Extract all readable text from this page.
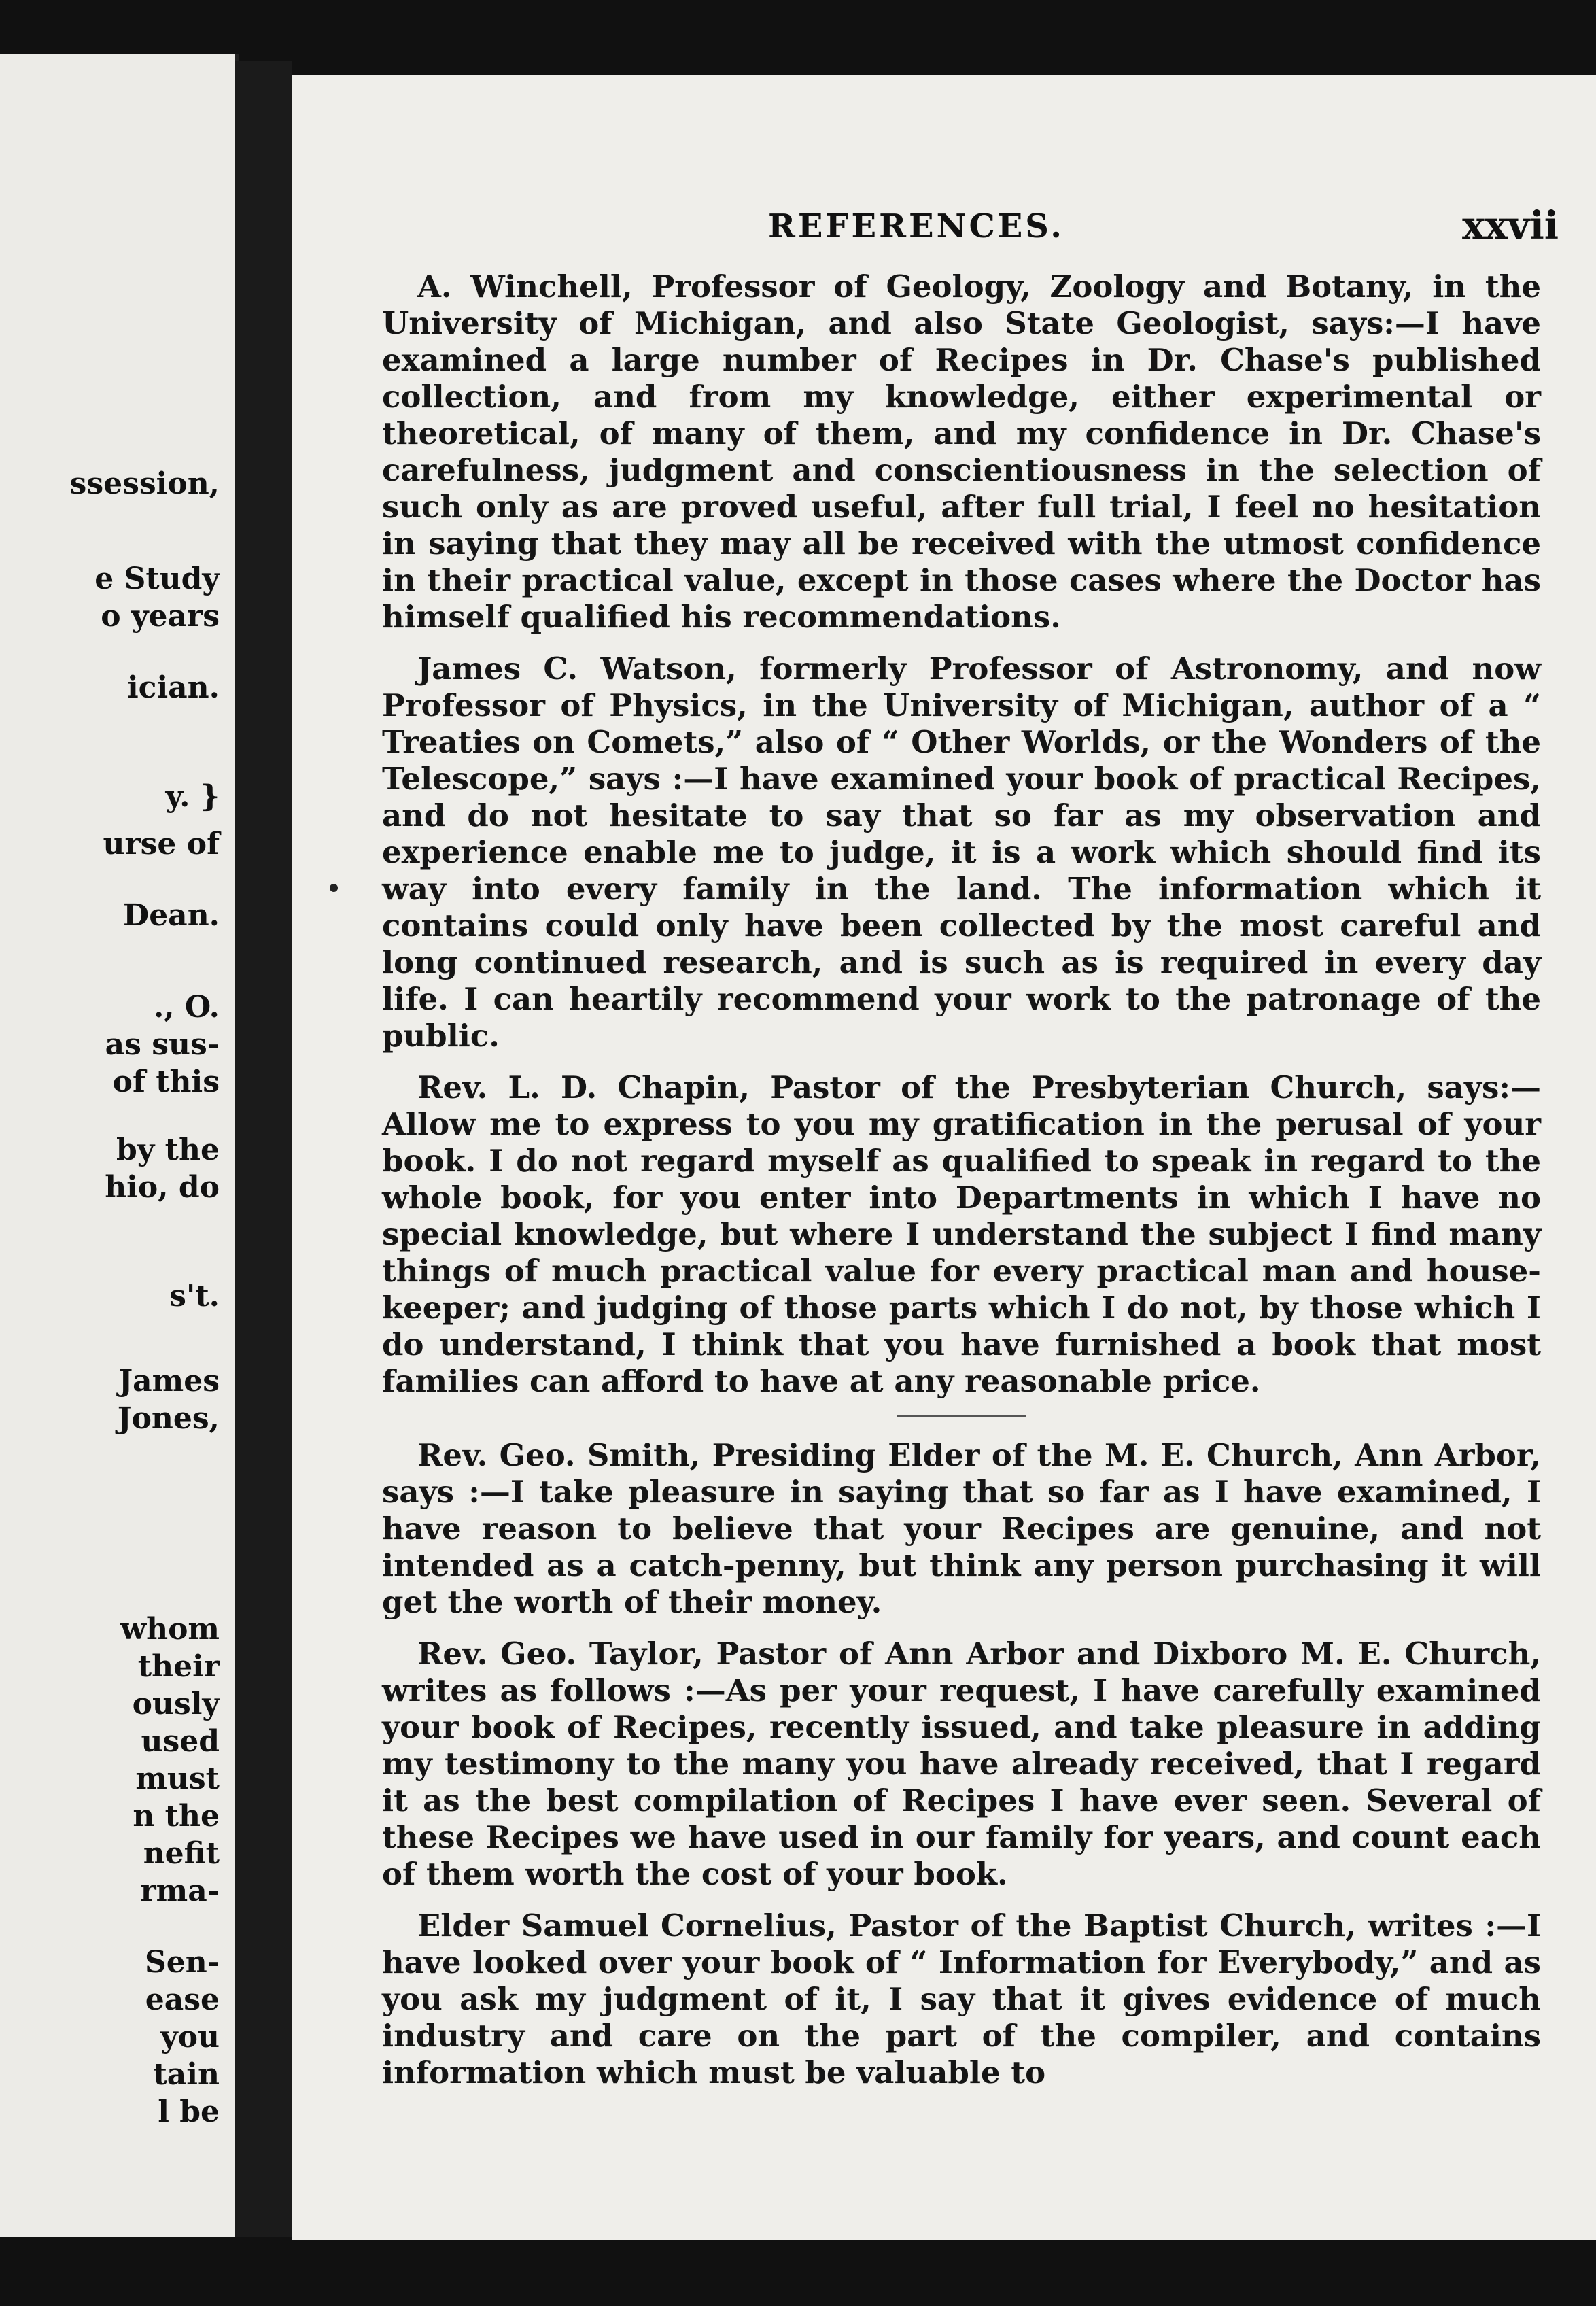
ssession,
e Study
o years
ician.
y. }
urse of
Dean.
., O.
as sus-
of this
by the
hio, do
s't.
James
Jones,
whom
their
ously
used
must
n the
nefit
rma-
Sen-
ease
you
tain
l be
REFERENCES.	xxvii

A. Winchell, Professor of Geology, Zoology and Botany, in the University of Michigan, and also State Geologist, says:—I have examined a large number of Recipes in Dr. Chase's published collection, and from my knowledge, either experimental or theoretical, of many of them, and my confidence in Dr. Chase's carefulness, judgment and conscientiousness in the selection of such only as are proved useful, after full trial, I feel no hesitation in saying that they may all be received with the utmost confidence in their practical value, except in those cases where the Doctor has himself qualified his recommendations.

James C. Watson, formerly Professor of Astronomy, and now Professor of Physics, in the University of Michigan, author of a “ Treaties on Comets,” also of “ Other Worlds, or the Wonders of the Telescope,” says :—I have examined your book of practical Recipes, and do not hesitate to say that so far as my observation and experience enable me to judge, it is a work which should find its way into every family in the land. The information which it contains could only have been collected by the most careful and long continued research, and is such as is required in every day life. I can heartily recommend your work to the patronage of the public.

Rev. L. D. Chapin, Pastor of the Presbyterian Church, says:—Allow me to express to you my gratification in the perusal of your book. I do not regard myself as qualified to speak in regard to the whole book, for you enter into Departments in which I have no special knowledge, but where I understand the subject I find many things of much practical value for every practical man and house-keeper; and judging of those parts which I do not, by those which I do understand, I think that you have furnished a book that most families can afford to have at any reasonable price.

Rev. Geo. Smith, Presiding Elder of the M. E. Church, Ann Arbor, says :—I take pleasure in saying that so far as I have examined, I have reason to believe that your Recipes are genuine, and not intended as a catch-penny, but think any person purchasing it will get the worth of their money.

Rev. Geo. Taylor, Pastor of Ann Arbor and Dixboro M. E. Church, writes as follows :—As per your request, I have carefully examined your book of Recipes, recently issued, and take pleasure in adding my testimony to the many you have already received, that I regard it as the best compilation of Recipes I have ever seen. Several of these Recipes we have used in our family for years, and count each of them worth the cost of your book.

Elder Samuel Cornelius, Pastor of the Baptist Church, writes :—I have looked over your book of “ Information for Everybody,” and as you ask my judgment of it, I say that it gives evidence of much industry and care on the part of the compiler, and contains information which must be valuable to
